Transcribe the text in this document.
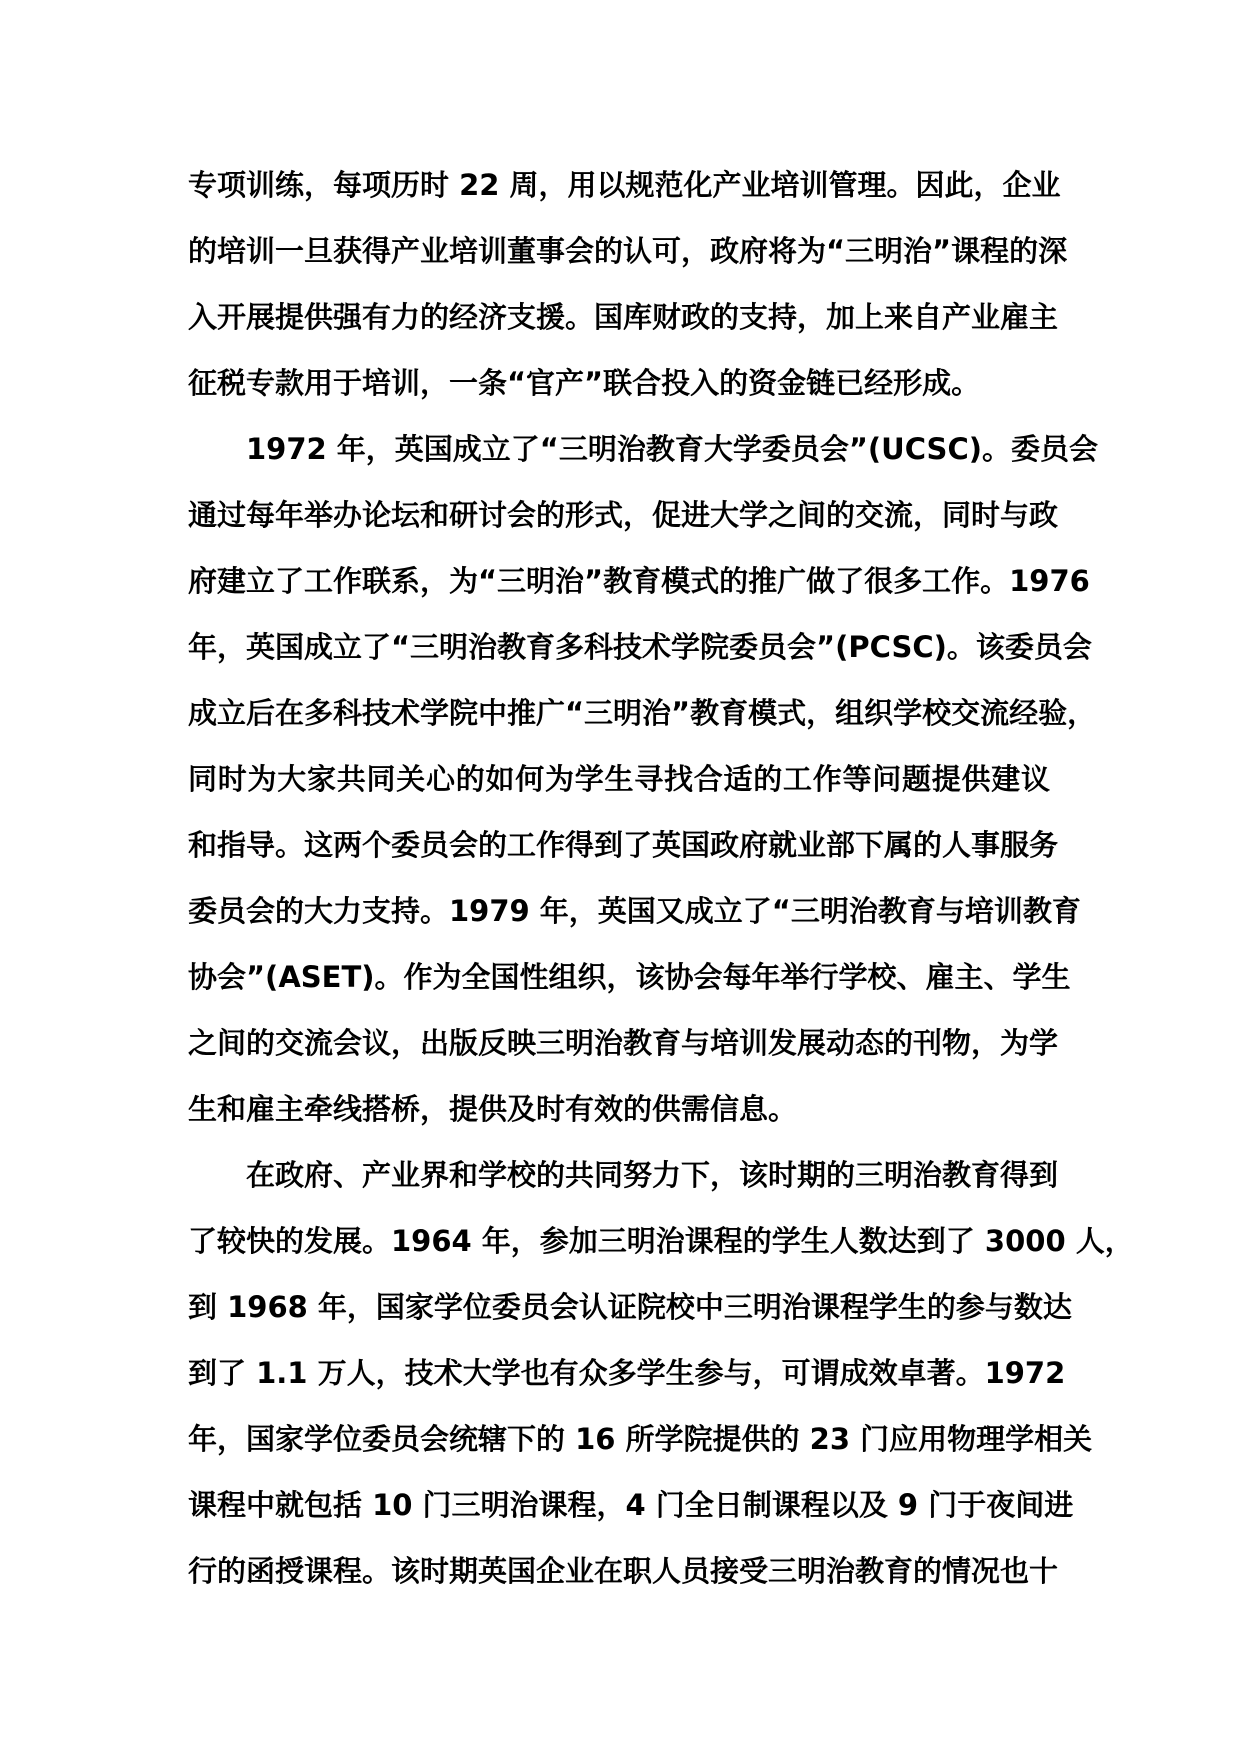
专项训练，每项历时 22 周，用以规范化产业培训管理。因此，企业
的培训一旦获得产业培训董事会的认可，政府将为“三明治”课程的深
入开展提供强有力的经济支援。国库财政的支持，加上来自产业雇主
征税专款用于培训，一条“官产”联合投入的资金链已经形成。
1972 年，英国成立了“三明治教育大学委员会”(UCSC)。委员会
通过每年举办论坛和研讨会的形式，促进大学之间的交流，同时与政
府建立了工作联系，为“三明治”教育模式的推广做了很多工作。1976
年，英国成立了“三明治教育多科技术学院委员会”(PCSC)。该委员会
成立后在多科技术学院中推广“三明治”教育模式，组织学校交流经验，
同时为大家共同关心的如何为学生寻找合适的工作等问题提供建议
和指导。这两个委员会的工作得到了英国政府就业部下属的人事服务
委员会的大力支持。1979 年，英国又成立了“三明治教育与培训教育
协会”(ASET)。作为全国性组织，该协会每年举行学校、雇主、学生
之间的交流会议，出版反映三明治教育与培训发展动态的刊物，为学
生和雇主牵线搭桥，提供及时有效的供需信息。
在政府、产业界和学校的共同努力下，该时期的三明治教育得到
了较快的发展。1964 年，参加三明治课程的学生人数达到了 3000 人，
到 1968 年，国家学位委员会认证院校中三明治课程学生的参与数达
到了 1.1 万人，技术大学也有众多学生参与，可谓成效卓著。1972
年，国家学位委员会统辖下的 16 所学院提供的 23 门应用物理学相关
课程中就包括 10 门三明治课程，4 门全日制课程以及 9 门于夜间进
行的函授课程。该时期英国企业在职人员接受三明治教育的情况也十
